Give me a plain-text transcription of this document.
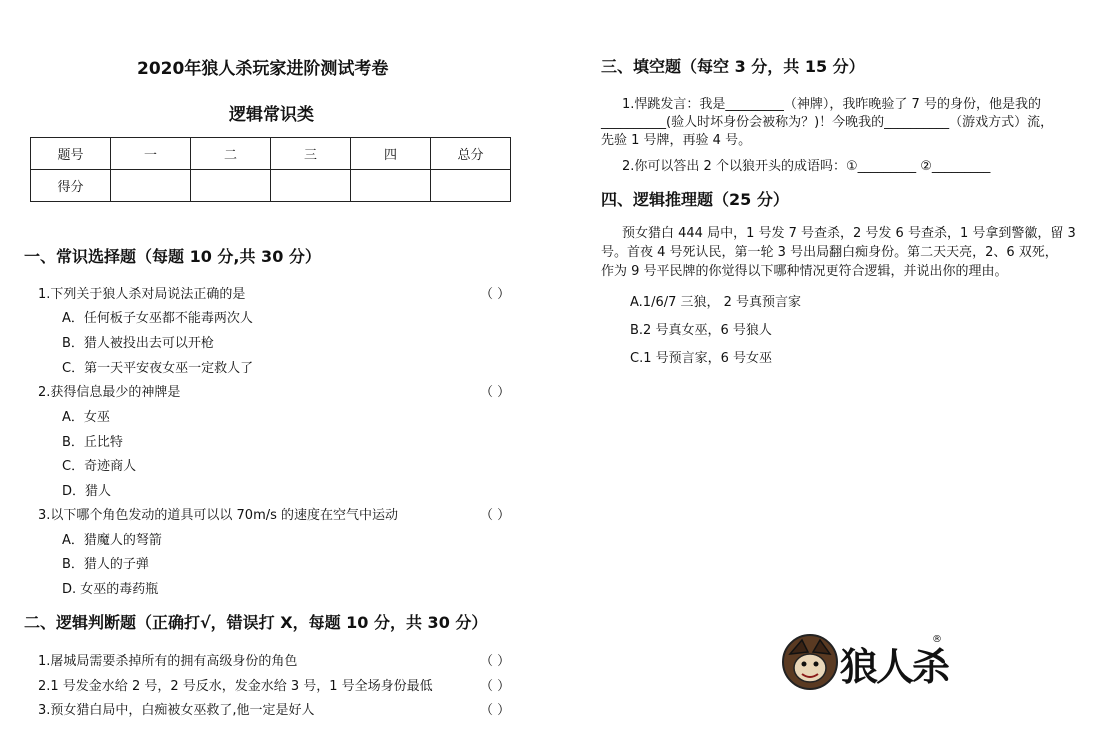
2020年狼人杀玩家进阶测试考卷
逻辑常识类
题号	一	二	三	四	总分
得分					
一、常识选择题（每题 10 分,共 30 分）
1.下列关于狼人杀对局说法正确的是	（ ）
A．任何板子女巫都不能毒两次人
B．猎人被投出去可以开枪
C．第一天平安夜女巫一定救人了
2.获得信息最少的神牌是	（ ）
A．女巫
B．丘比特
C．奇迹商人
D．猎人
3.以下哪个角色发动的道具可以以 70m/s 的速度在空气中运动	（ ）
A．猎魔人的弩箭
B．猎人的子弹
D. 女巫的毒药瓶
二、逻辑判断题（正确打√，错误打 X，每题 10 分，共 30 分）
1.屠城局需要杀掉所有的拥有高级身份的角色	（ ）
2.1 号发金水给 2 号，2 号反水，发金水给 3 号，1 号全场身份最低	（ ）
3.预女猎白局中，白痴被女巫救了,他一定是好人	（ ）
三、填空题（每空 3 分，共 15 分）
1.悍跳发言：我是_________（神牌），我昨晚验了 7 号的身份，他是我的
__________(验人时坏身份会被称为？)！今晚我的__________（游戏方式）流，
先验 1 号牌，再验 4 号。
2.你可以答出 2 个以狼开头的成语吗：①_________ ②_________
四、逻辑推理题（25 分）
预女猎白 444 局中，1 号发 7 号查杀，2 号发 6 号查杀，1 号拿到警徽，留 3
号。首夜 4 号死认民，第一轮 3 号出局翻白痴身份。第二天天亮，2、6 双死，
作为 9 号平民牌的你觉得以下哪种情况更符合逻辑，并说出你的理由。
A.1/6/7 三狼， 2 号真预言家
B.2 号真女巫，6 号狼人
C.1 号预言家，6 号女巫
狼人杀
®
